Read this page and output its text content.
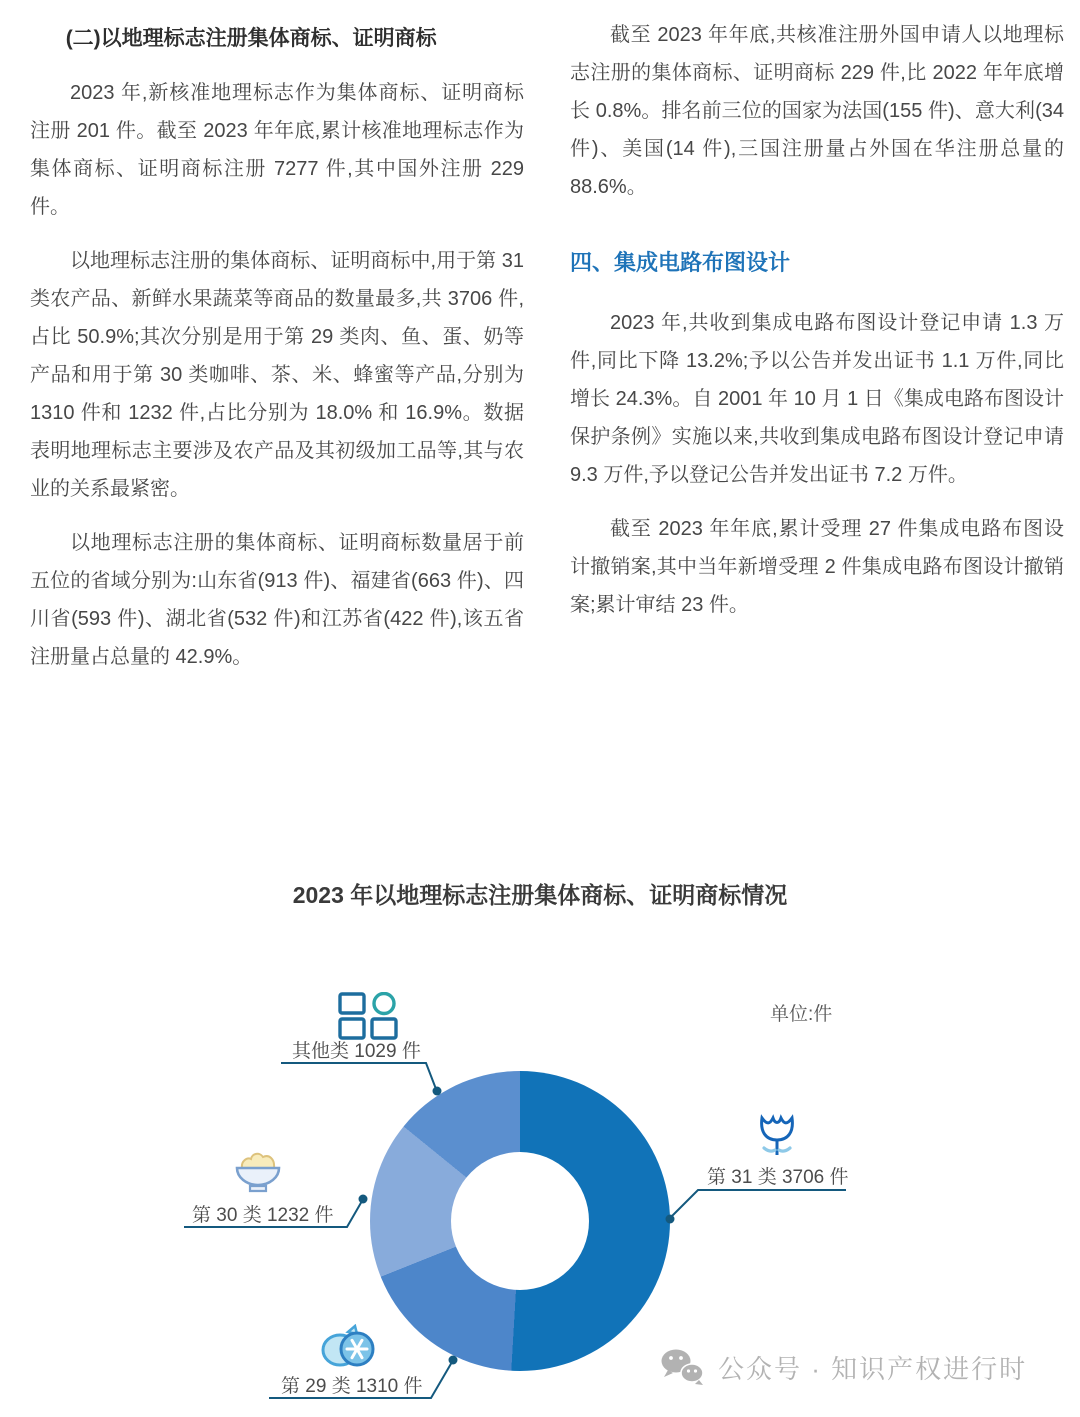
(二)以地理标志注册集体商标、证明商标

2023 年,新核准地理标志作为集体商标、证明商标注册 201 件。截至 2023 年年底,累计核准地理标志作为集体商标、证明商标注册 7277 件,其中国外注册 229 件。

以地理标志注册的集体商标、证明商标中,用于第 31 类农产品、新鲜水果蔬菜等商品的数量最多,共 3706 件,占比 50.9%;其次分别是用于第 29 类肉、鱼、蛋、奶等产品和用于第 30 类咖啡、茶、米、蜂蜜等产品,分别为 1310 件和 1232 件,占比分别为 18.0% 和 16.9%。数据表明地理标志主要涉及农产品及其初级加工品等,其与农业的关系最紧密。

以地理标志注册的集体商标、证明商标数量居于前五位的省域分别为:山东省(913 件)、福建省(663 件)、四川省(593 件)、湖北省(532 件)和江苏省(422 件),该五省注册量占总量的 42.9%。

截至 2023 年年底,共核准注册外国申请人以地理标志注册的集体商标、证明商标 229 件,比 2022 年年底增长 0.8%。排名前三位的国家为法国(155 件)、意大利(34 件)、美国(14 件),三国注册量占外国在华注册总量的 88.6%。

四、集成电路布图设计

2023 年,共收到集成电路布图设计登记申请 1.3 万件,同比下降 13.2%;予以公告并发出证书 1.1 万件,同比增长 24.3%。自 2001 年 10 月 1 日《集成电路布图设计保护条例》实施以来,共收到集成电路布图设计登记申请 9.3 万件,予以登记公告并发出证书 7.2 万件。

截至 2023 年年底,累计受理 27 件集成电路布图设计撤销案,其中当年新增受理 2 件集成电路布图设计撤销案;累计审结 23 件。

2023 年以地理标志注册集体商标、证明商标情况
单位:件
其他类 1029 件
第 31 类 3706 件
第 30 类 1232 件
第 29 类 1310 件
公众号 · 知识产权进行时
